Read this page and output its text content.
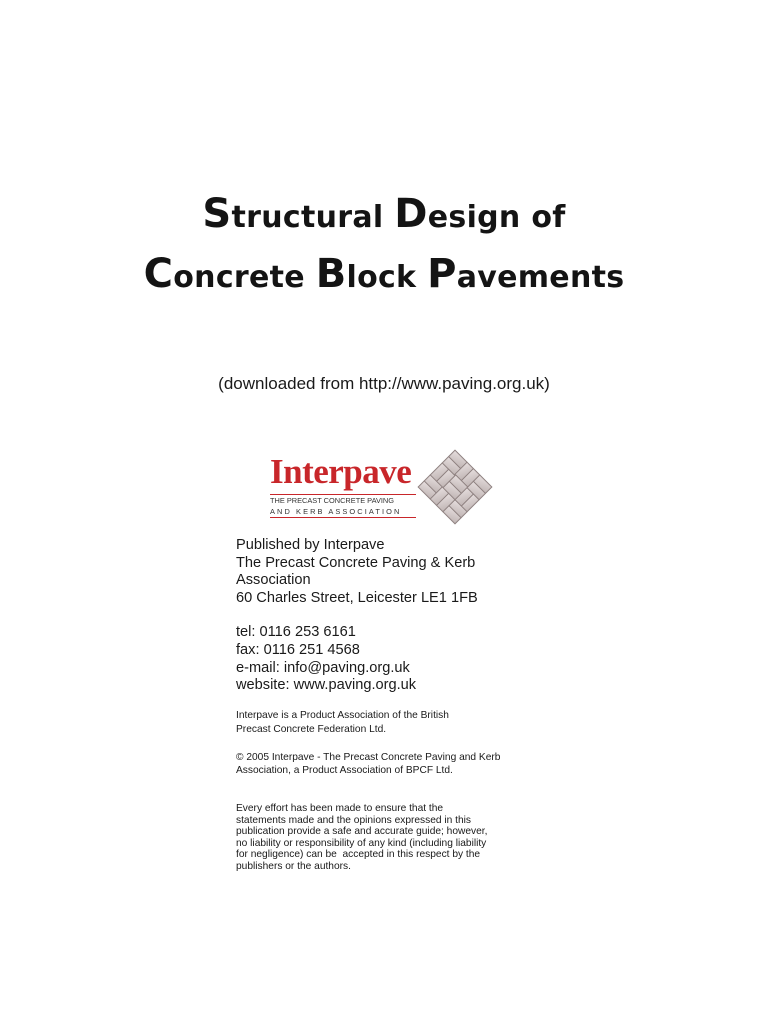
Structural Design of
Concrete Block Pavements
(downloaded from http://www.paving.org.uk)
Interpave
THE PRECAST CONCRETE PAVING
AND KERB ASSOCIATION
Published by Interpave
The Precast Concrete Paving & Kerb
Association
60 Charles Street, Leicester LE1 1FB
tel: 0116 253 6161
fax: 0116 251 4568
e-mail: info@paving.org.uk
website: www.paving.org.uk
Interpave is a Product Association of the British
Precast Concrete Federation Ltd.
© 2005 Interpave - The Precast Concrete Paving and Kerb
Association, a Product Association of BPCF Ltd.
Every effort has been made to ensure that the
statements made and the opinions expressed in this
publication provide a safe and accurate guide; however,
no liability or responsibility of any kind (including liability
for negligence) can be  accepted in this respect by the
publishers or the authors.
